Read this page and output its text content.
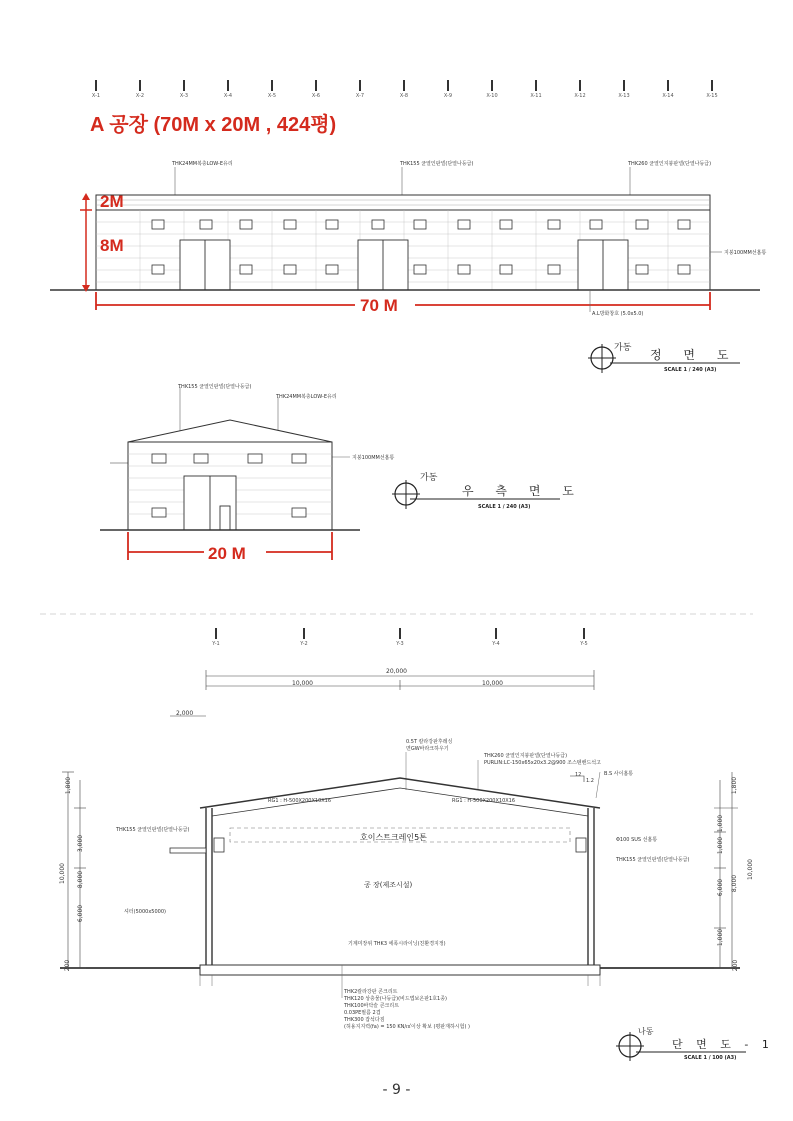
X-1	X-2	X-3	X-4	X-5	X-6	X-7	X-8	X-9	X-10	X-11	X-12	X-13	X-14	X-15
A 공장 (70M x 20M , 424평)
THK24MM복층LOW-E유리	THK155 균열인판넬(단열나등급)	THK260 균열인지붕판넬(단열나등급)
지붕100MM선홈통
A.L방화창호 (5.0x5.0)
2M
8M
70 M
가동 정 면 도
SCALE 1 / 240 (A3)
THK155 균열인판넬(단열나등급)
THK24MM복층LOW-E유리
지붕100MM선홈통
20 M
가동
우 측 면 도
SCALE 1 / 240 (A3)
Y-1	Y-2	Y-3	Y-4	Y-5
20,000
10,000	10,000
2,000
0.5T 칼라강판후레싱
면GW바라크하우기
THK260 균열인지붕판넬(단열나등급)
PURLIN:LC-150x65x20x3.2@900 조스텐밴드석고
B.S 사이홈통
12
1.2
RG1 : H-500X200X10X16	RG1 : H-500X200X10X16
호이스트크레인5톤
공 장(제조시설)
THK155 균열인판넬(단열나등급)
셔터(5000x5000)
Φ100 SUS 선홈통
THK155 균열인판넬(단열나등급)
기계미장위 THK3 에폭시라이닝(친환경지정)
THK2칼라강판 콘크리트
THK120 상층물(나등급)(비드법보온판1호1종)
THK100바닥슬 콘크리트
0.03PE필름 2겹
THK300 잡석다짐
(허용지지력(fa) = 150 KN/㎡이상 확보 (평판재하시험) )
1,800
3,000
10,000 8,000
6,000
200
1,800
1,000
1,000
10,000
8,000
6,000
1,000
200
나동
단 면 도 - 1
SCALE 1 / 100 (A3)
- 9 -
